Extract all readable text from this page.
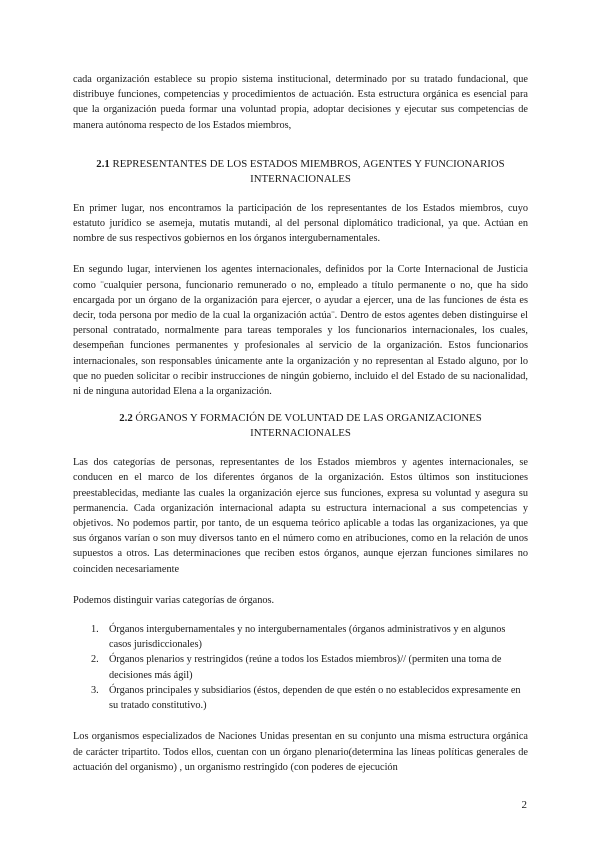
cada organización establece su propio sistema institucional, determinado por su tratado fundacional, que distribuye funciones, competencias y procedimientos de actuación. Esta estructura orgánica es esencial para que la organización pueda formar una voluntad propia, adoptar decisiones y ejecutar sus competencias de manera autónoma respecto de los Estados miembros,

2.1 REPRESENTANTES DE LOS ESTADOS MIEMBROS, AGENTES Y FUNCIONARIOS INTERNACIONALES

En primer lugar, nos encontramos la participación de los representantes de los Estados miembros, cuyo estatuto jurídico se asemeja, mutatis mutandi, al del personal diplomático tradicional, ya que. Actúan en nombre de sus respectivos gobiernos en los órganos intergubernamentales.

En segundo lugar, intervienen los agentes internacionales, definidos por la Corte Internacional de Justicia como ¨cualquier persona, funcionario remunerado o no, empleado a título permanente o no, que ha sido encargada por un órgano de la organización para ejercer, o ayudar a ejercer, una de las funciones de ésta es decir, toda persona por medio de la cual la organización actúa¨. Dentro de estos agentes deben distinguirse el personal contratado, normalmente para tareas temporales y los funcionarios internacionales, los cuales, desempeñan funciones permanentes y profesionales al servicio de la organización. Estos funcionarios internacionales, son responsables únicamente ante la organización y no representan al Estado alguno, por lo que no pueden solicitar o recibir instrucciones de ningún gobierno, incluido el del Estado de su nacionalidad, ni de ninguna autoridad Elena a la organización.

2.2 ÓRGANOS Y FORMACIÓN DE VOLUNTAD DE LAS ORGANIZACIONES INTERNACIONALES

Las dos categorías de personas, representantes de los Estados miembros y agentes internacionales, se conducen en el marco de los diferentes órganos de la organización. Estos últimos son instituciones preestablecidas, mediante las cuales la organización ejerce sus funciones, expresa su voluntad y asegura su permanencia. Cada organización internacional adapta su estructura internacional a sus competencias y objetivos. No podemos partir, por tanto, de un esquema teórico aplicable a todas las organizaciones, ya que sus órganos varían o son muy diversos tanto en el número como en atribuciones, como en la relación de unos supuestos a otros. Las determinaciones que reciben estos órganos, aunque ejerzan funciones similares no coinciden necesariamente

Podemos distinguir varias categorías de órganos.

1. Órganos intergubernamentales y no intergubernamentales (órganos administrativos y en algunos casos jurisdiccionales)
2. Órganos plenarios y restringidos (reúne a todos los Estados miembros)// (permiten una toma de decisiones más ágil)
3. Órganos principales y subsidiarios (éstos, dependen de que estén o no establecidos expresamente en su tratado constitutivo.)

Los organismos especializados de Naciones Unidas presentan en su conjunto una misma estructura orgánica de carácter tripartito. Todos ellos, cuentan con un órgano plenario(determina las líneas políticas generales de actuación del organismo) , un organismo restringido (con poderes de ejecución

2
